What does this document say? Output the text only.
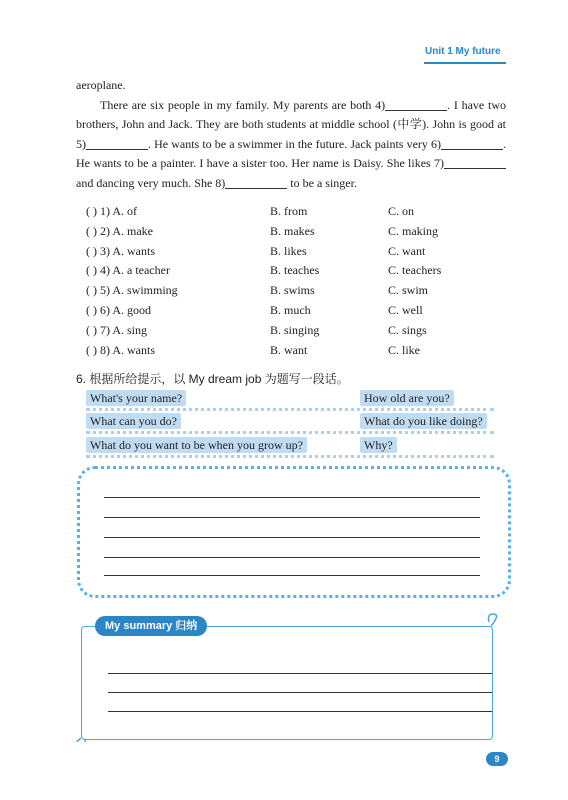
Unit 1 My future

aeroplane.

There are six people in my family. My parents are both 4)	. I have two brothers, John and Jack. They are both students at middle school (中学). John is good at 5)	. He wants to be a swimmer in the future. Jack paints very 6)	. He wants to be a painter. I have a sister too. Her name is Daisy. She likes 7) and dancing very much. She 8)	to be a singer.

( ) 1) A. of	B. from	C. on
( ) 2) A. make	B. makes	C. making
( ) 3) A. wants	B. likes	C. want
( ) 4) A. a teacher	B. teaches	C. teachers
( ) 5) A. swimming	B. swims	C. swim
( ) 6) A. good	B. much	C. well
( ) 7) A. sing	B. singing	C. sings
( ) 8) A. wants	B. want	C. like
6. 根据所给提示，以 My dream job 为题写一段话。
What's your name?	How old are you?
What can you do?	What do you like doing?
What do you want to be when you grow up?	Why?
My summary 归纳
9
